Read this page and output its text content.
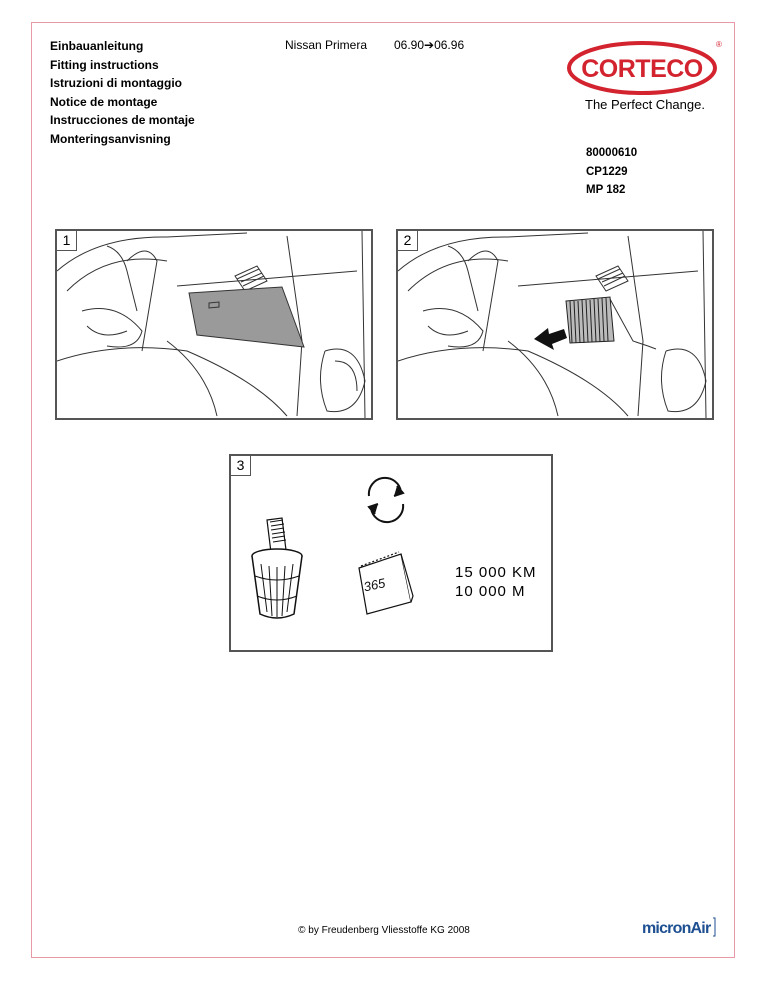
Einbauanleitung
Fitting instructions
Istruzioni di montaggio
Notice de montage
Instrucciones de montaje
Monteringsanvisning
Nissan Primera 06.90➔06.96
CORTECO
®
The Perfect Change.
80000610
CP1229
MP 182
1	2
365
15 000 KM
10 000 M
3
© by Freudenberg Vliesstoffe KG 2008	micronAir
